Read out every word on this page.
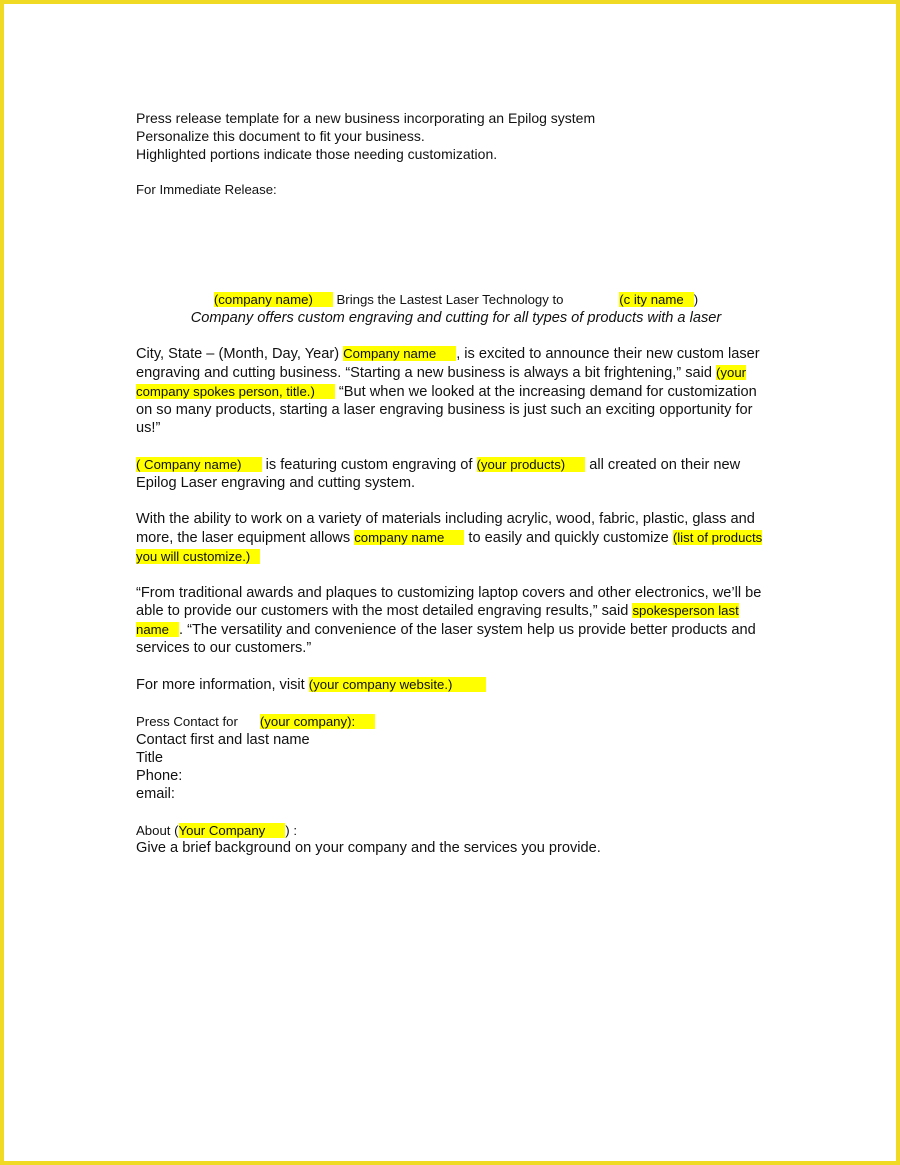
Press release template for a new business incorporating an Epilog system

Personalize this document to fit your business.

Highlighted portions indicate those needing customization.

For Immediate Release:

(company name) Brings the Lastest Laser Technology to	(c ity name )

Company offers custom engraving and cutting for all types of products with a laser

City, State – (Month, Day, Year) Company name , is excited to announce their new custom laser engraving and cutting business. “Starting a new business is always a bit frightening,” said (your company spokes person, title.) “But when we looked at the increasing demand for customization on so many products, starting a laser engraving business is just such an exciting opportunity for us!”

( Company name) is featuring custom engraving of (your products) all created on their new Epilog Laser engraving and cutting system.

With the ability to work on a variety of materials including acrylic, wood, fabric, plastic, glass and more, the laser equipment allows company name to easily and quickly customize (list of products you will customize.)

“From traditional awards and plaques to customizing laptop covers and other electronics, we’ll be able to provide our customers with the most detailed engraving results,” said spokesperson last name . “The versatility and convenience of the laser system help us provide better products and services to our customers.”

For more information, visit (your company website.)

Press Contact for (your company):

Contact first and last name

Title

Phone:

email:

About (Your Company ) :

Give a brief background on your company and the services you provide.
